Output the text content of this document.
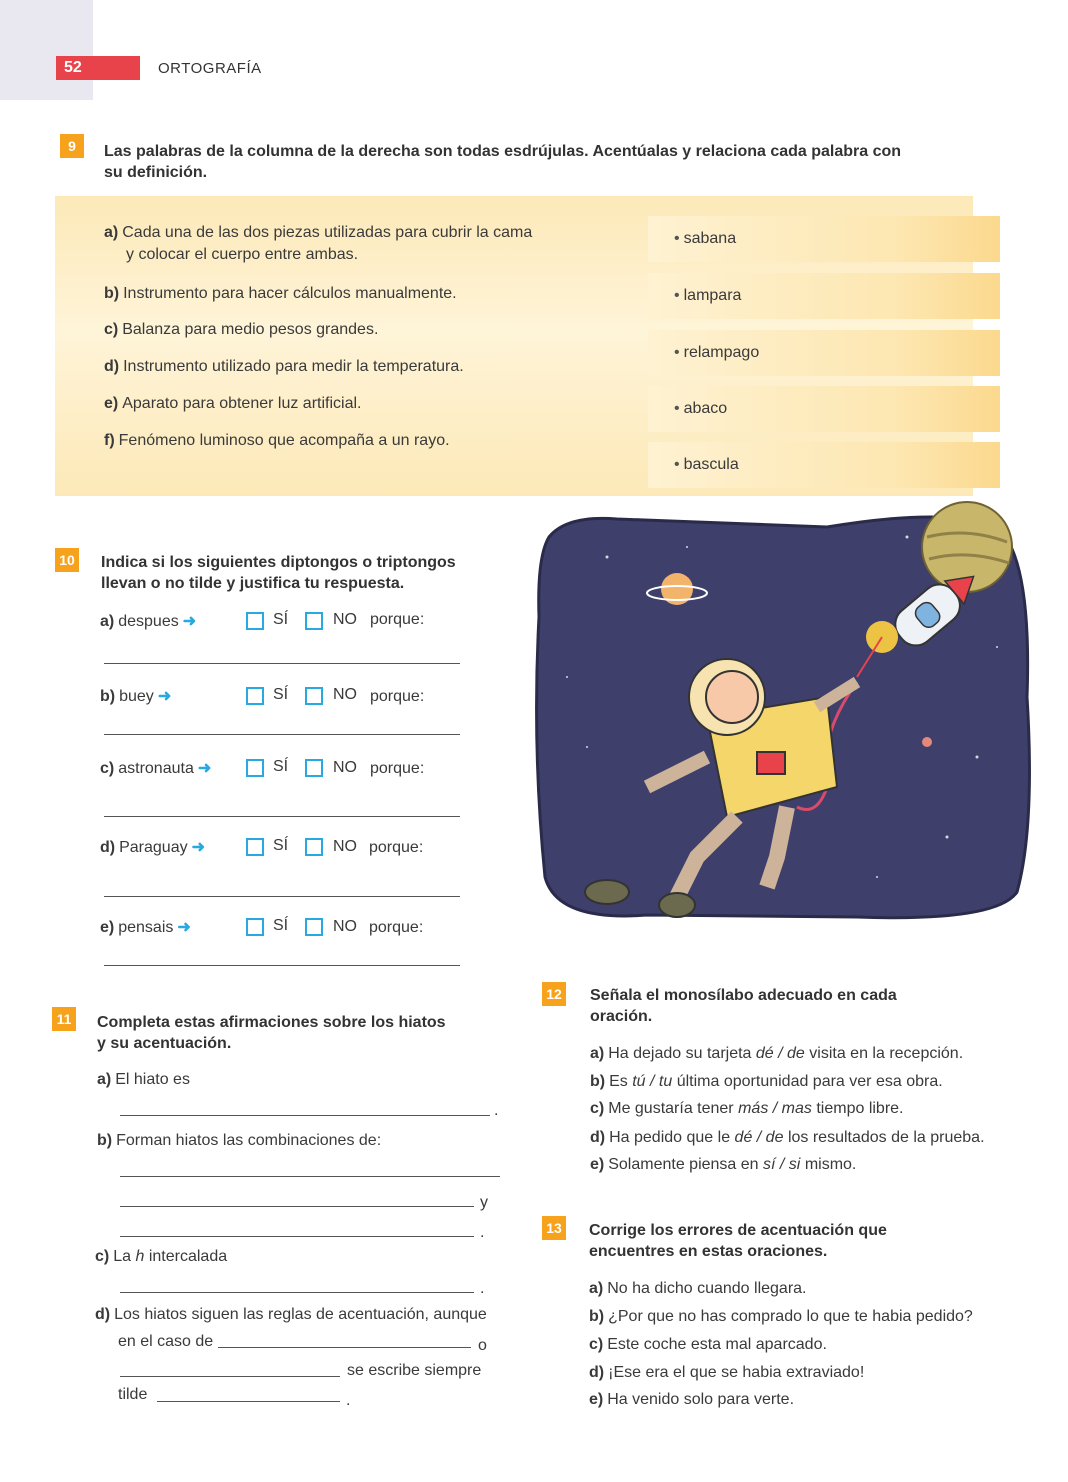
52	ORTOGRAFÍA
9	Las palabras de la columna de la derecha son todas esdrújulas. Acentúalas y relaciona cada palabra con
su definición.
a) Cada una de las dos piezas utilizadas para cubrir la cama
y colocar el cuerpo entre ambas.
b) Instrumento para hacer cálculos manualmente.
c) Balanza para medio pesos grandes.
d) Instrumento utilizado para medir la temperatura.
e) Aparato para obtener luz artificial.
f) Fenómeno luminoso que acompaña a un rayo.
• sabana
• lampara
• relampago
• abaco
• bascula
10 Indica si los siguientes diptongos o triptongos
llevan o no tilde y justifica tu respuesta.
a) despues ➜	SÍ	NO porque:
b) buey ➜	SÍ	NO porque:
c) astronauta ➜	SÍ	NO porque:
d) Paraguay ➜	SÍ	NO porque:
e) pensais ➜	SÍ	NO porque:
11 Completa estas afirmaciones sobre los hiatos
y su acentuación.
a) El hiato es
.
b) Forman hiatos las combinaciones de:
y
.
c) La h intercalada
.
d) Los hiatos siguen las reglas de acentuación, aunque
en el caso de	o
se escribe siempre
tilde	.
12 Señala el monosílabo adecuado en cada
oración.
a) Ha dejado su tarjeta dé / de visita en la recepción.
b) Es tú / tu última oportunidad para ver esa obra.
c) Me gustaría tener más / mas tiempo libre.
d) Ha pedido que le dé / de los resultados de la prueba.
e) Solamente piensa en sí / si mismo.
13 Corrige los errores de acentuación que
encuentres en estas oraciones.
a) No ha dicho cuando llegara.
b) ¿Por que no has comprado lo que te habia pedido?
c) Este coche esta mal aparcado.
d) ¡Ese era el que se habia extraviado!
e) Ha venido solo para verte.
